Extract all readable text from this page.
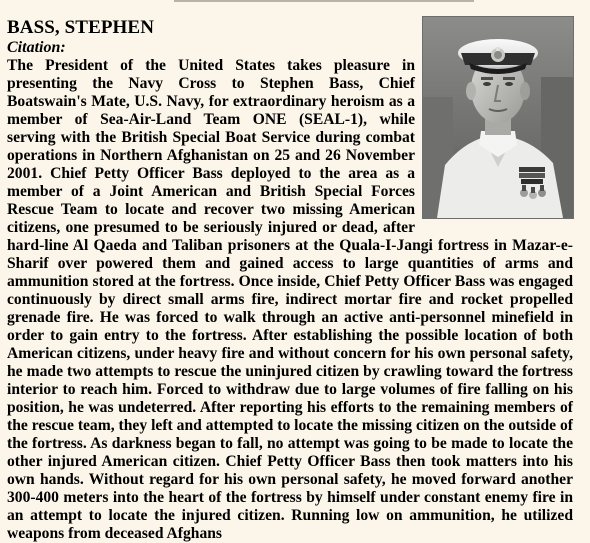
BASS, STEPHEN
Citation:

The President of the United States takes pleasure in presenting the Navy Cross to Stephen Bass, Chief Boatswain's Mate, U.S. Navy, for extraordinary heroism as a member of Sea-Air-Land Team ONE (SEAL-1), while serving with the British Special Boat Service during combat operations in Northern Afghanistan on 25 and 26 November 2001. Chief Petty Officer Bass deployed to the area as a member of a Joint American and British Special Forces Rescue Team to locate and recover two missing American citizens, one presumed to be seriously injured or dead, after hard-line Al Qaeda and Taliban prisoners at the Quala-I-Jangi fortress in Mazar-e-Sharif over powered them and gained access to large quantities of arms and ammunition stored at the fortress. Once inside, Chief Petty Officer Bass was engaged continuously by direct small arms fire, indirect mortar fire and rocket propelled grenade fire. He was forced to walk through an active anti-personnel minefield in order to gain entry to the fortress. After establishing the possible location of both American citizens, under heavy fire and without concern for his own personal safety, he made two attempts to rescue the uninjured citizen by crawling toward the fortress interior to reach him. Forced to withdraw due to large volumes of fire falling on his position, he was undeterred. After reporting his efforts to the remaining members of the rescue team, they left and attempted to locate the missing citizen on the outside of the fortress. As darkness began to fall, no attempt was going to be made to locate the other injured American citizen. Chief Petty Officer Bass then took matters into his own hands. Without regard for his own personal safety, he moved forward another 300-400 meters into the heart of the fortress by himself under constant enemy fire in an attempt to locate the injured citizen. Running low on ammunition, he utilized weapons from deceased Afghans
